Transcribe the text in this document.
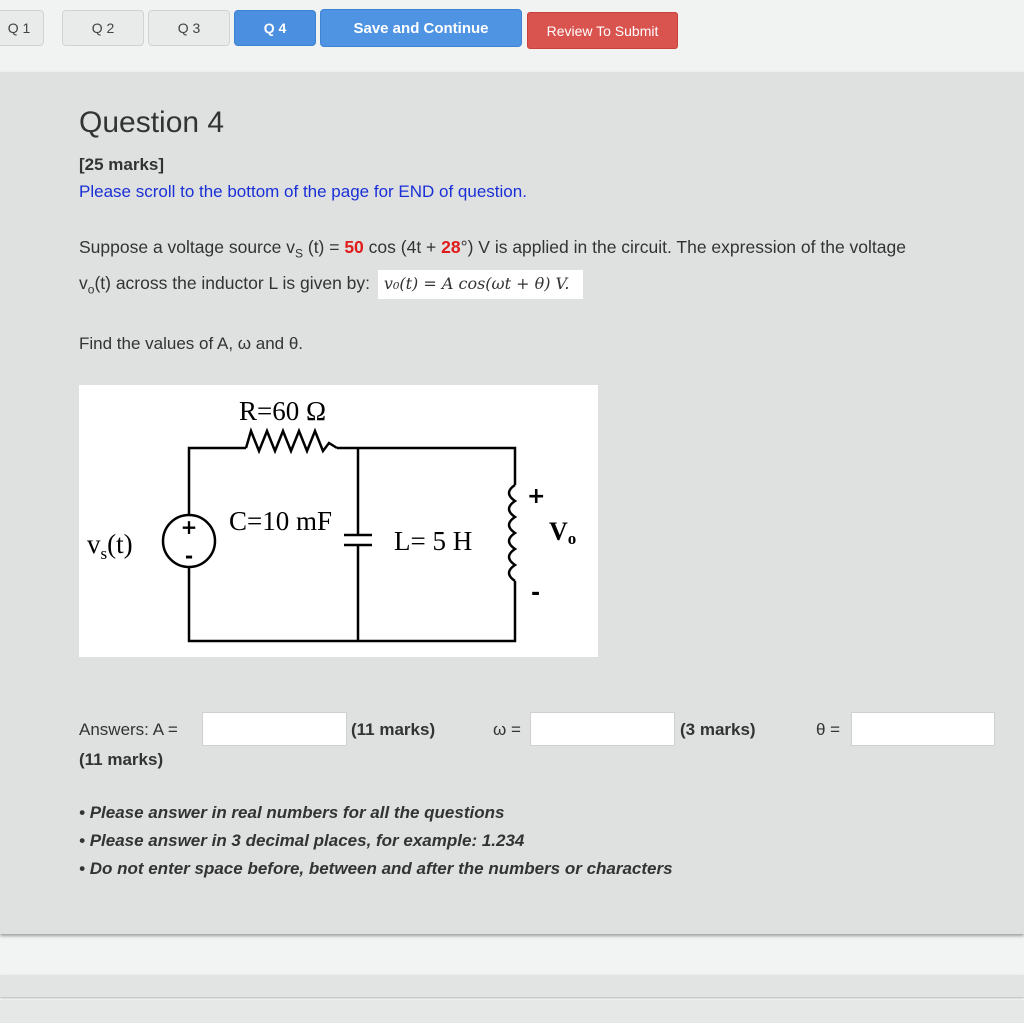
Q 1	Q 2	Q 3	Q 4	Save and Continue	Review To Submit
Question 4
[25 marks]
Please scroll to the bottom of the page for END of question.
Suppose a voltage source $v_S$ (t) = 50 cos (4t + 28°) V is applied in the circuit. The expression of the voltage
$v_o(t)$ across the inductor L is given by: v₀(t) = A cos(ωt + θ) V.
Find the values of A, ω and θ.
+
-
R=60 Ω
C=10 mF
L= 5 H
$v_s(t)$
+
-
Vo
Answers: A =	(11 marks)	ω =	(3 marks)	θ =
(11 marks)
• Please answer in real numbers for all the questions
• Please answer in 3 decimal places, for example: 1.234
• Do not enter space before, between and after the numbers or characters
